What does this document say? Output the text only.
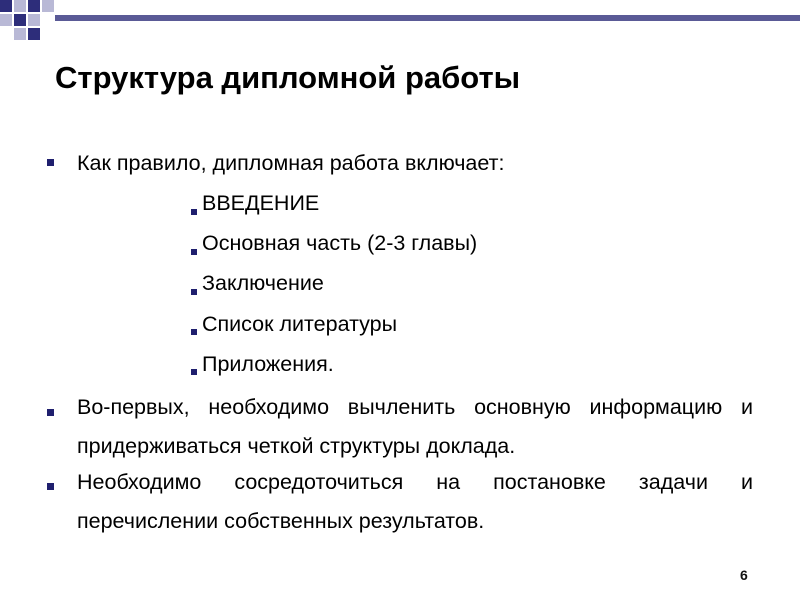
Структура дипломной работы
Как правило, дипломная работа включает:
ВВЕДЕНИЕ
Основная часть (2-3 главы)
Заключение
Список литературы
Приложения.
Во-первых, необходимо вычленить основную информацию и придерживаться четкой структуры доклада.
Необходимо сосредоточиться на постановке задачи и перечислении собственных результатов.
6
